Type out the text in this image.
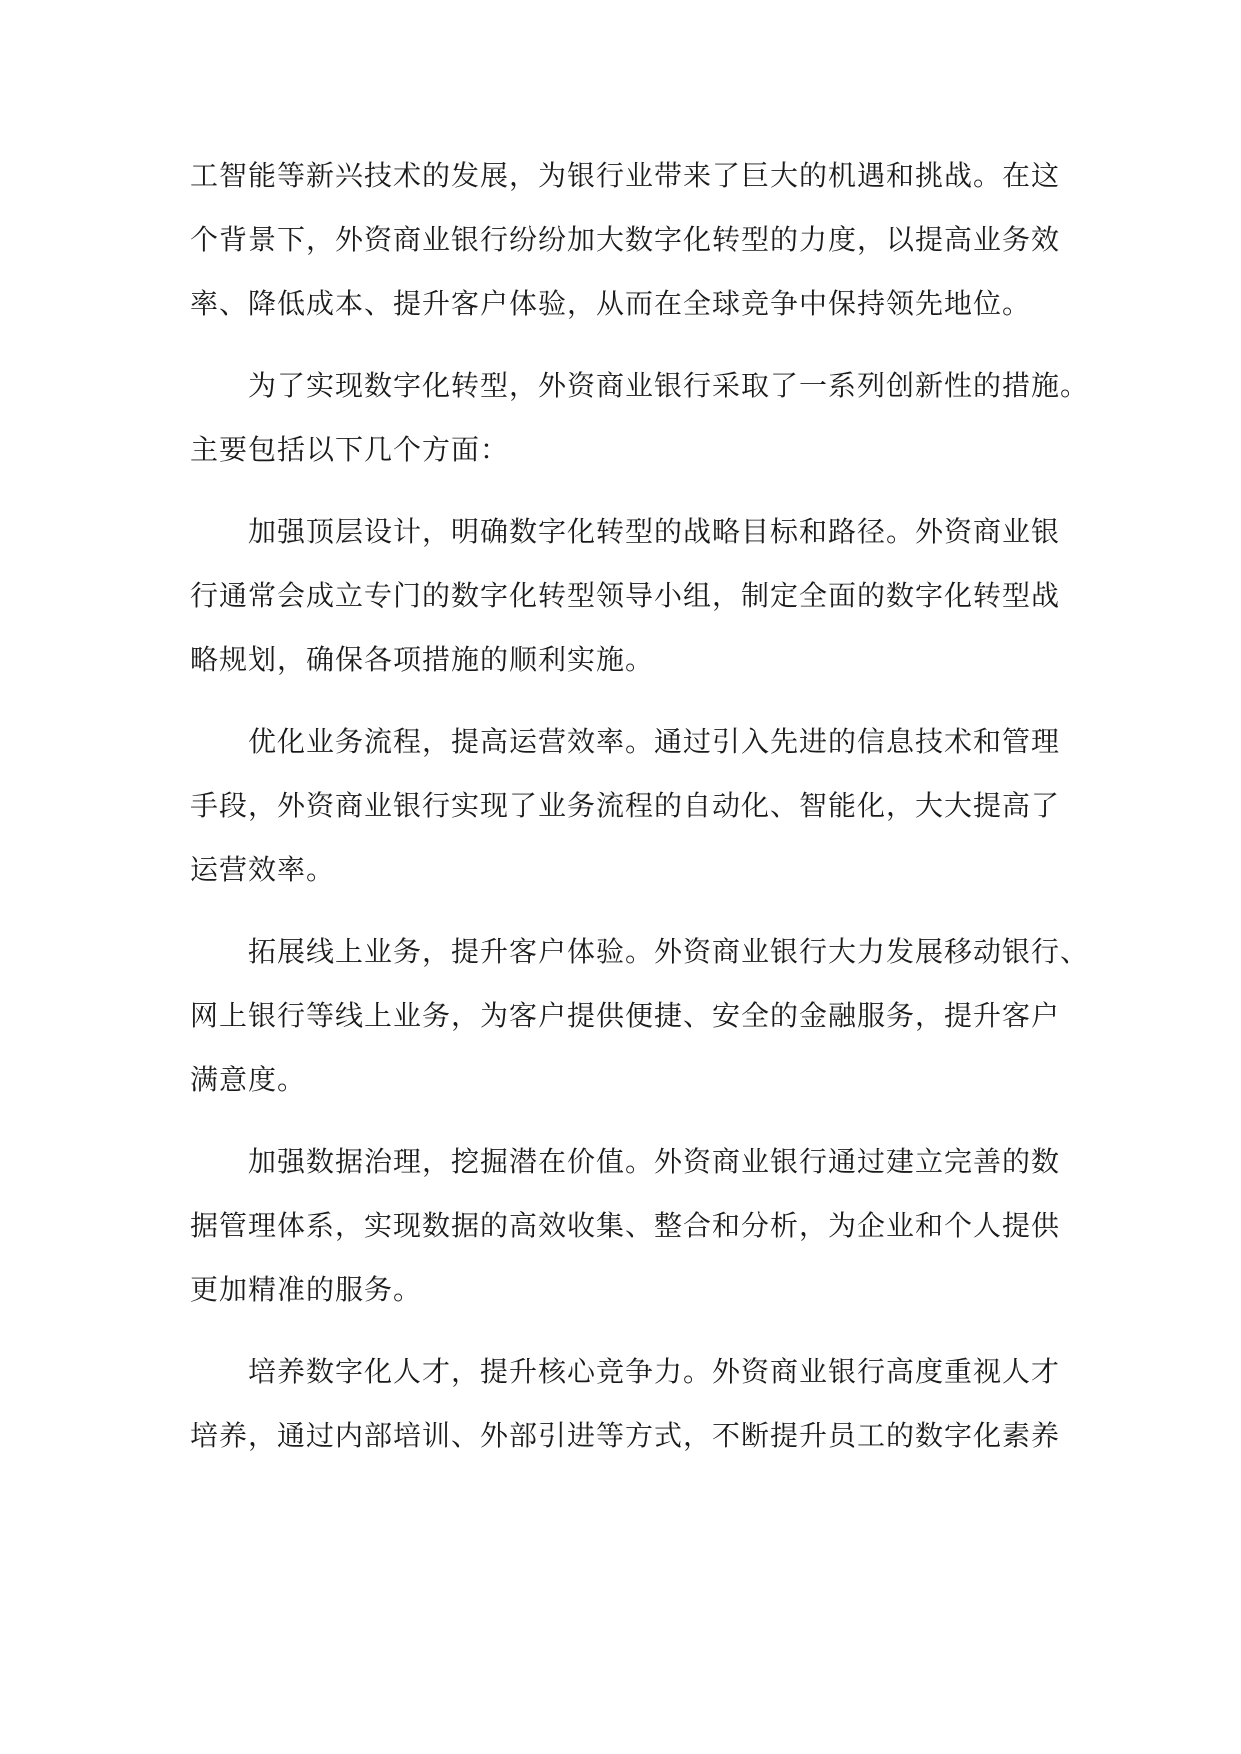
工智能等新兴技术的发展，为银行业带来了巨大的机遇和挑战。在这
个背景下，外资商业银行纷纷加大数字化转型的力度，以提高业务效
率、降低成本、提升客户体验，从而在全球竞争中保持领先地位。
为了实现数字化转型，外资商业银行采取了一系列创新性的措施。
主要包括以下几个方面：
加强顶层设计，明确数字化转型的战略目标和路径。外资商业银
行通常会成立专门的数字化转型领导小组，制定全面的数字化转型战
略规划，确保各项措施的顺利实施。
优化业务流程，提高运营效率。通过引入先进的信息技术和管理
手段，外资商业银行实现了业务流程的自动化、智能化，大大提高了
运营效率。
拓展线上业务，提升客户体验。外资商业银行大力发展移动银行、
网上银行等线上业务，为客户提供便捷、安全的金融服务，提升客户
满意度。
加强数据治理，挖掘潜在价值。外资商业银行通过建立完善的数
据管理体系，实现数据的高效收集、整合和分析，为企业和个人提供
更加精准的服务。
培养数字化人才，提升核心竞争力。外资商业银行高度重视人才
培养，通过内部培训、外部引进等方式，不断提升员工的数字化素养
